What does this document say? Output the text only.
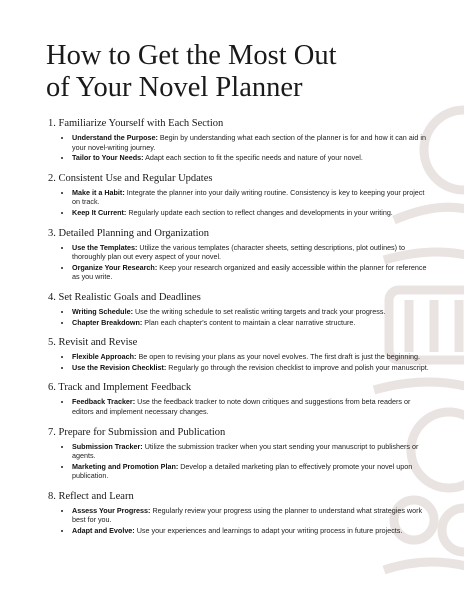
How to Get the Most Out of Your Novel Planner
1. Familiarize Yourself with Each Section
• Understand the Purpose: Begin by understanding what each section of the planner is for and how it can aid in your novel-writing journey.
• Tailor to Your Needs: Adapt each section to fit the specific needs and nature of your novel.
2. Consistent Use and Regular Updates
• Make it a Habit: Integrate the planner into your daily writing routine. Consistency is key to keeping your project on track.
• Keep It Current: Regularly update each section to reflect changes and developments in your writing.
3. Detailed Planning and Organization
• Use the Templates: Utilize the various templates (character sheets, setting descriptions, plot outlines) to thoroughly plan out every aspect of your novel.
• Organize Your Research: Keep your research organized and easily accessible within the planner for reference as you write.
4. Set Realistic Goals and Deadlines
• Writing Schedule: Use the writing schedule to set realistic writing targets and track your progress.
• Chapter Breakdown: Plan each chapter's content to maintain a clear narrative structure.
5. Revisit and Revise
• Flexible Approach: Be open to revising your plans as your novel evolves. The first draft is just the beginning.
• Use the Revision Checklist: Regularly go through the revision checklist to improve and polish your manuscript.
6. Track and Implement Feedback
• Feedback Tracker: Use the feedback tracker to note down critiques and suggestions from beta readers or editors and implement necessary changes.
7. Prepare for Submission and Publication
• Submission Tracker: Utilize the submission tracker when you start sending your manuscript to publishers or agents.
• Marketing and Promotion Plan: Develop a detailed marketing plan to effectively promote your novel upon publication.
8. Reflect and Learn
• Assess Your Progress: Regularly review your progress using the planner to understand what strategies work best for you.
• Adapt and Evolve: Use your experiences and learnings to adapt your writing process in future projects.
